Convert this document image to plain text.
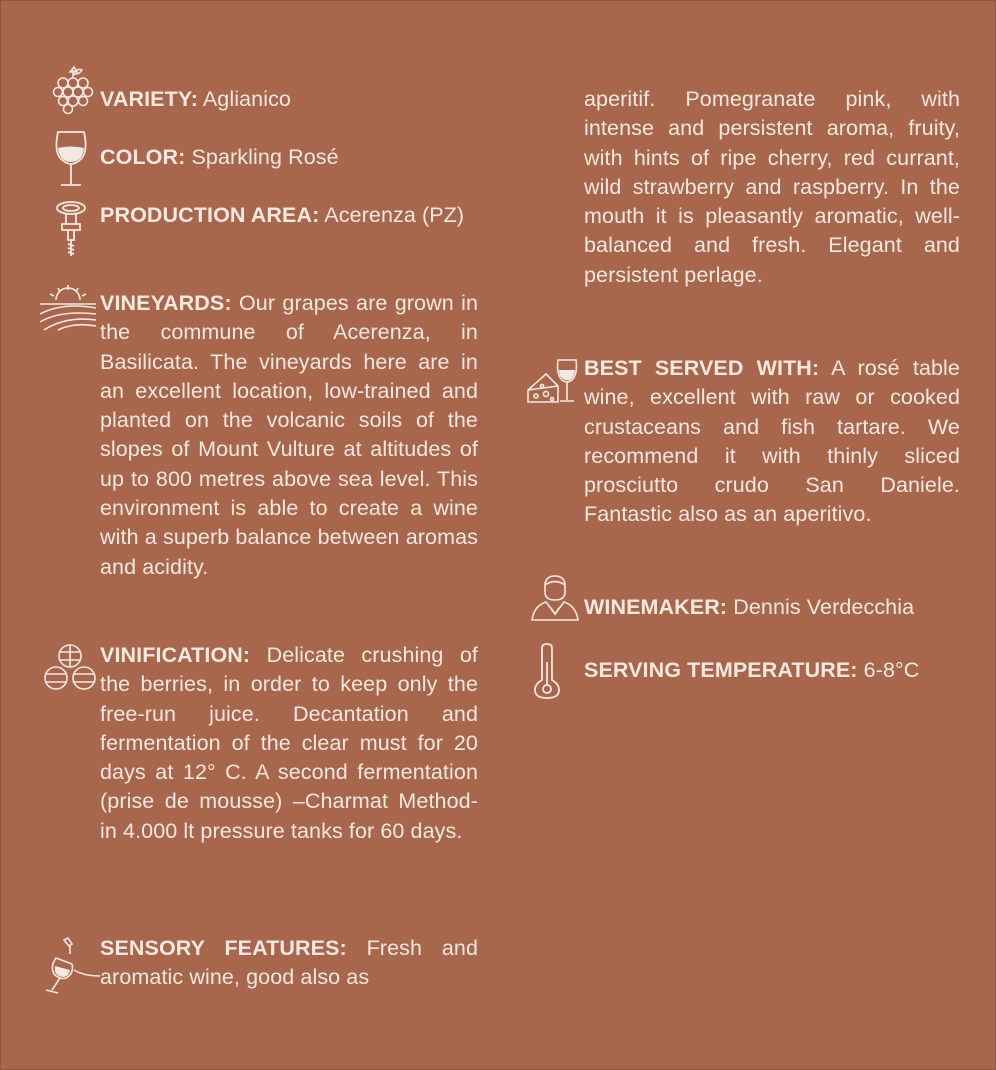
VARIETY: Aglianico

COLOR: Sparkling Rosé

PRODUCTION AREA: Acerenza (PZ)

VINEYARDS: Our grapes are grown in the commune of Acerenza, in Basilicata. The vineyards here are in an excellent location, low-trained and planted on the volcanic soils of the slopes of Mount Vulture at altitudes of up to 800 metres above sea level. This environment is able to create a wine with a superb balance between aromas and acidity.

VINIFICATION: Delicate crushing of the berries, in order to keep only the free-run juice. Decantation and fermentation of the clear must for 20 days at 12° C. A second fermentation (prise de mousse) –Charmat Method- in 4.000 lt pressure tanks for 60 days.

SENSORY FEATURES: Fresh and aromatic wine, good also as

aperitif. Pomegranate pink, with intense and persistent aroma, fruity, with hints of ripe cherry, red currant, wild strawberry and raspberry. In the mouth it is pleasantly aromatic, well-balanced and fresh. Elegant and persistent perlage.

BEST SERVED WITH: A rosé table wine, excellent with raw or cooked crustaceans and fish tartare. We recommend it with thinly sliced prosciutto crudo San Daniele. Fantastic also as an aperitivo.

WINEMAKER: Dennis Verdecchia

SERVING TEMPERATURE: 6-8°C
